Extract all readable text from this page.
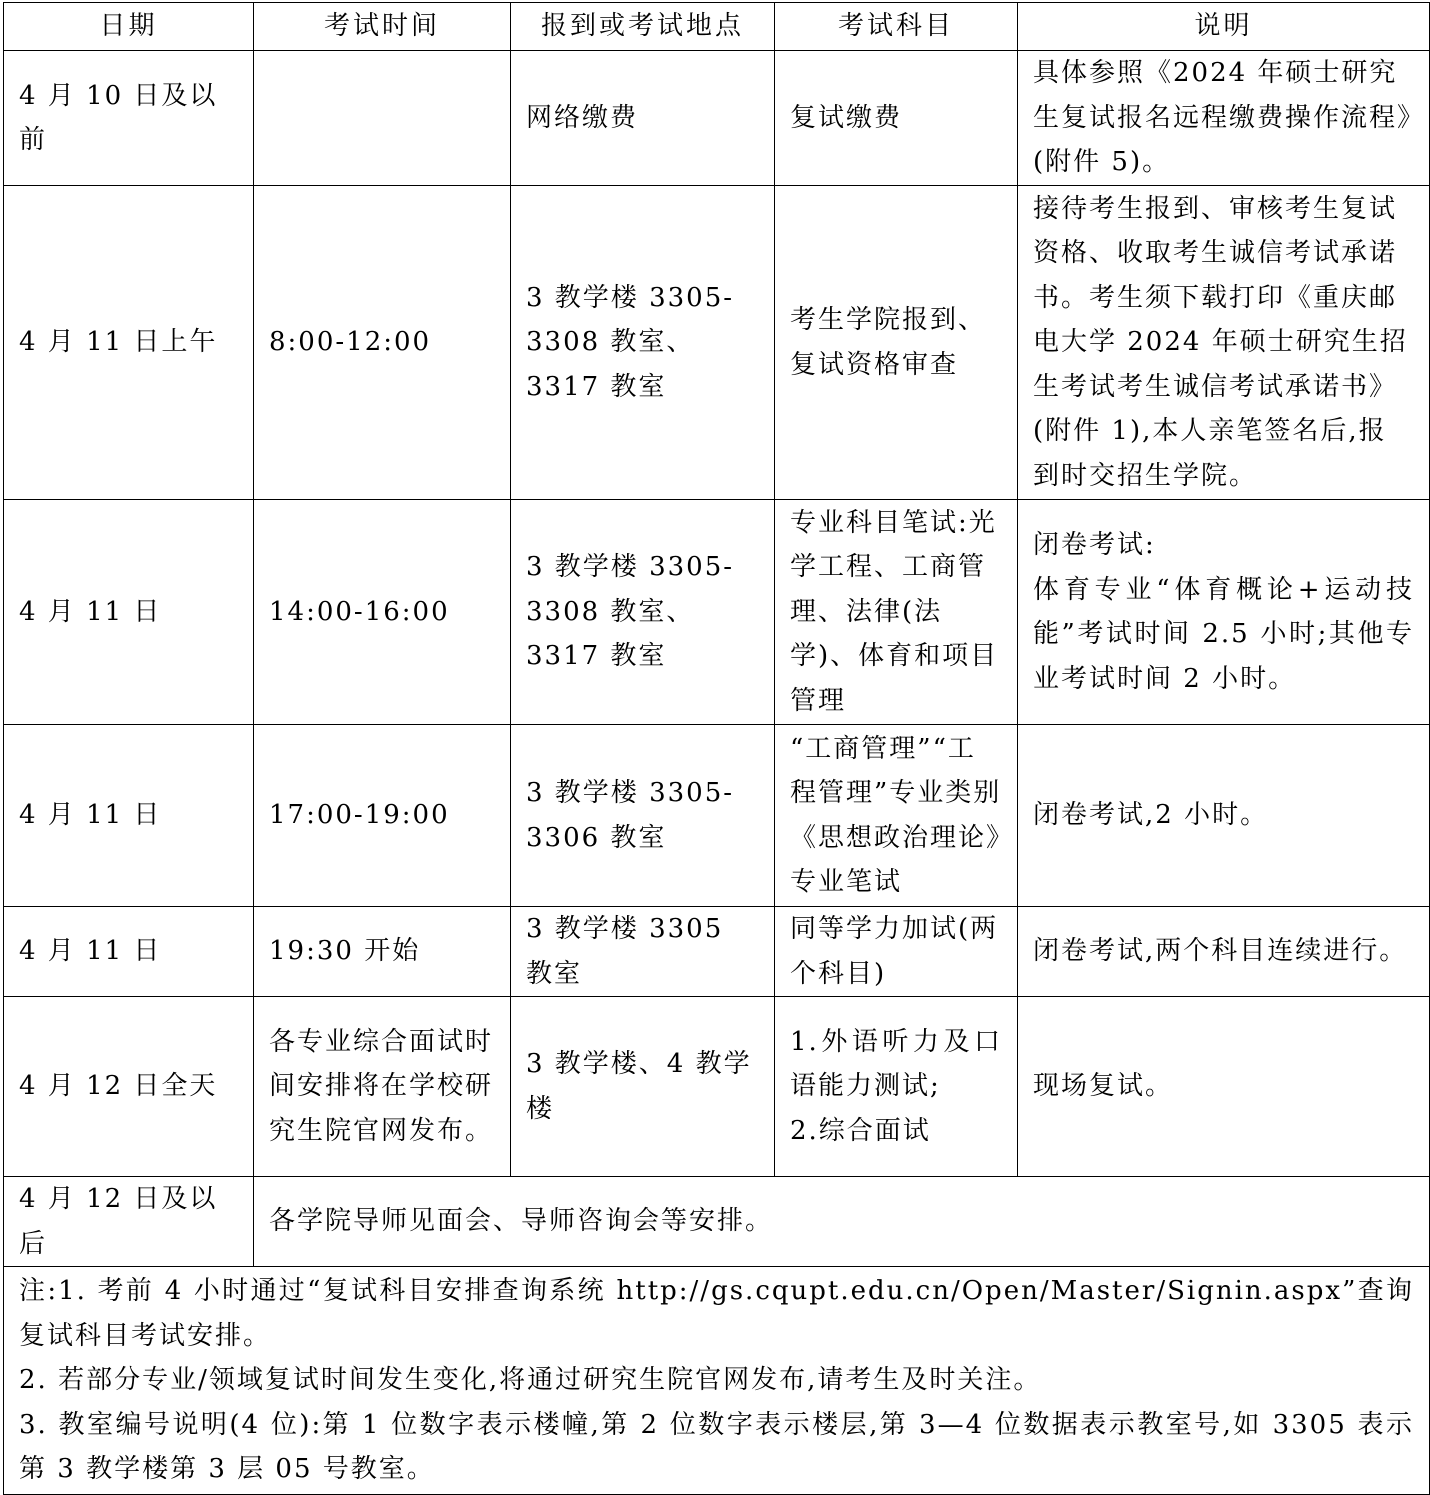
日期	考试时间	报到或考试地点	考试科目	说明
4 月 10 日及以前		网络缴费	复试缴费	具体参照《2024 年硕士研究生复试报名远程缴费操作流程》(附件 5)。
4 月 11 日上午	8:00-12:00	3 教学楼 3305-3308 教室、3317 教室	考生学院报到、复试资格审查	接待考生报到、审核考生复试资格、收取考生诚信考试承诺书。考生须下载打印《重庆邮电大学 2024 年硕士研究生招生考试考生诚信考试承诺书》(附件 1),本人亲笔签名后,报到时交招生学院。
4 月 11 日	14:00-16:00	3 教学楼 3305-3308 教室、3317 教室	专业科目笔试:光学工程、工商管理、法律(法学)、体育和项目管理	闭卷考试:
体育专业“体育概论+运动技能”考试时间 2.5 小时;其他专业考试时间 2 小时。

4 月 11 日	17:00-19:00	3 教学楼 3305-3306 教室	“工商管理”“工程管理”专业类别《思想政治理论》专业笔试	闭卷考试,2 小时。
4 月 11 日	19:30 开始	3 教学楼 3305 教室	同等学力加试(两个科目)	闭卷考试,两个科目连续进行。
4 月 12 日全天	各专业综合面试时间安排将在学校研究生院官网发布。	3 教学楼、4 教学楼	1.外语听力及口语能力测试;
2.综合面试	现场复试。
4 月 12 日及以后	各学院导师见面会、导师咨询会等安排。			

注:1. 考前 4 小时通过“复试科目安排查询系统 http://gs.cqupt.edu.cn/Open/Master/Signin.aspx”查询复试科目考试安排。
2. 若部分专业/领域复试时间发生变化,将通过研究生院官网发布,请考生及时关注。
3. 教室编号说明(4 位):第 1 位数字表示楼幢,第 2 位数字表示楼层,第 3—4 位数据表示教室号,如 3305 表示第 3 教学楼第 3 层 05 号教室。				
